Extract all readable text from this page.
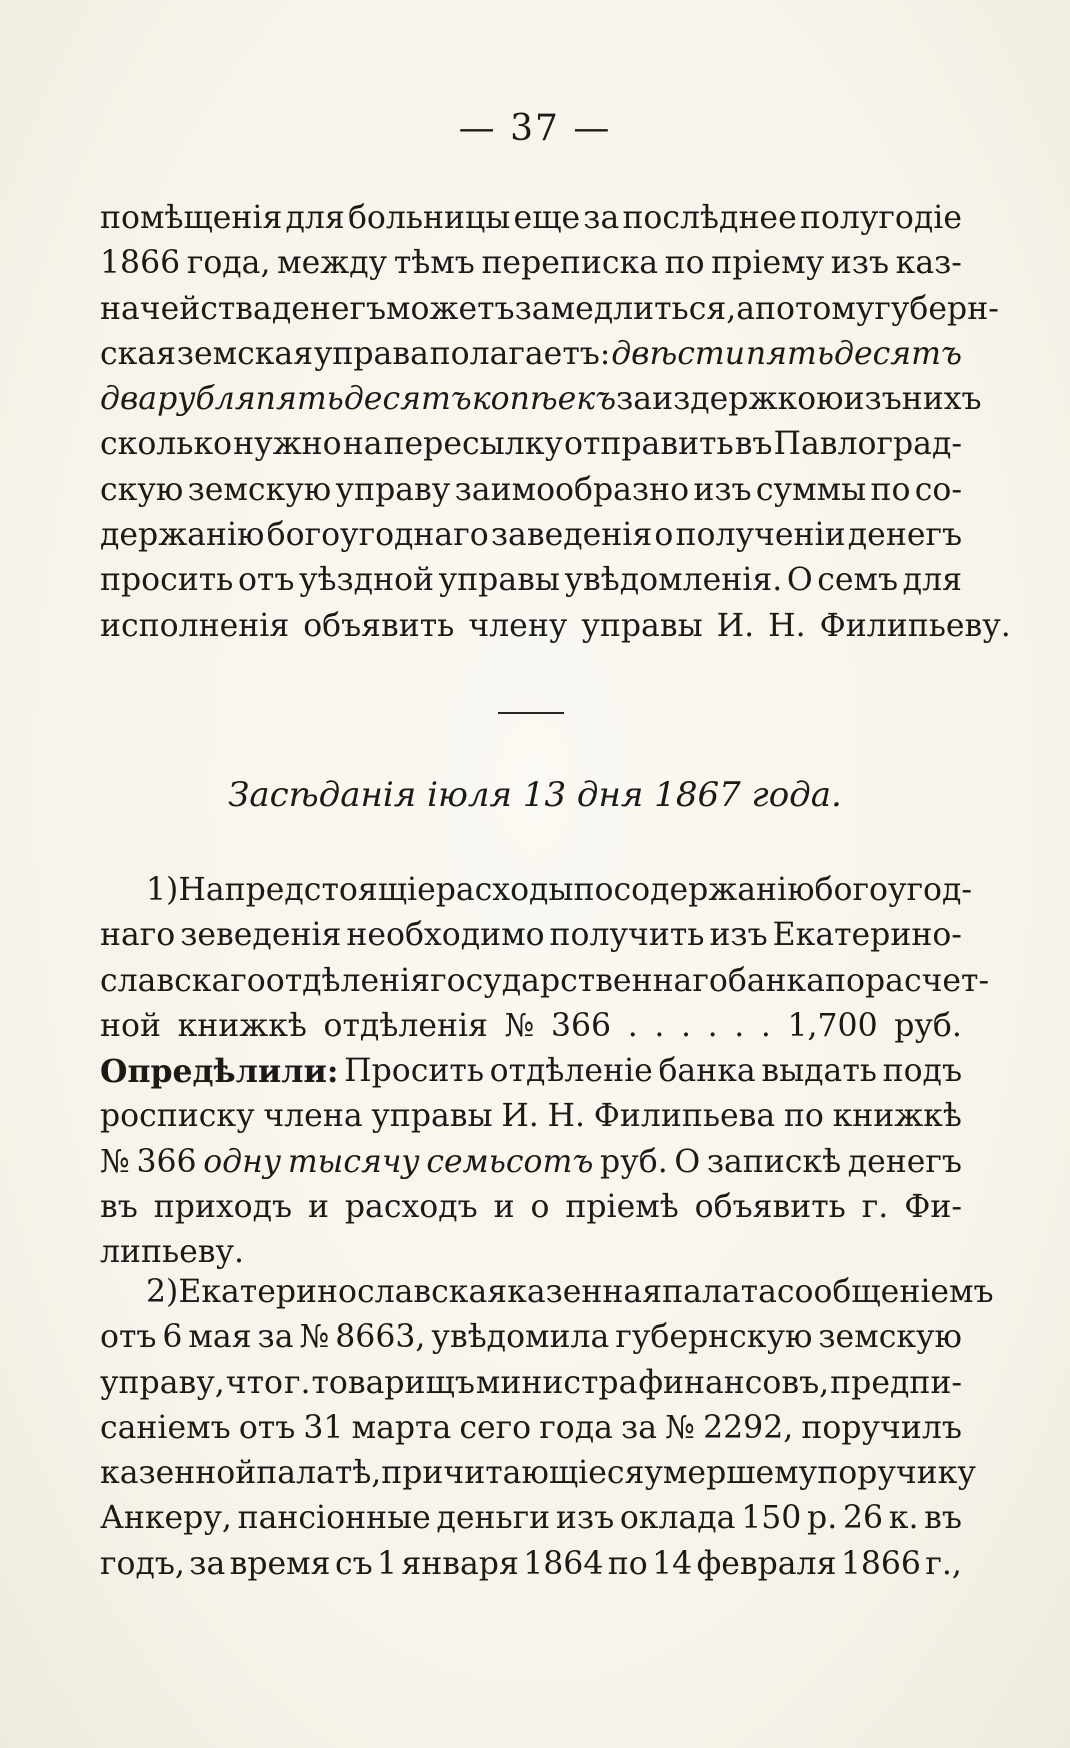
— 37 —
помѣщенія для больницы еще за послѣднее полугодіе
1866 года, между тѣмъ переписка по пріему изъ каз-
начейства денегъ можетъ замедлиться, а потому губерн-
ская земская управа полагаетъ: двѣсти пятьдесятъ
два рубля пятьдесятъ копѣекъ за издержкою изъ нихъ
сколько нужно на пересылку отправить въ Павлоград-
скую земскую управу заимообразно изъ суммы по со-
держанію богоугоднаго заведенія о полученіи денегъ
просить отъ уѣздной управы увѣдомленія. О семъ для
исполненія объявить члену управы И. Н. Филипьеву.
Засѣданія іюля 13 дня 1867 года.
1) На предстоящіе расходы по содержанію богоугод-
наго зеведенія необходимо получить изъ Екатерино-
славскаго отдѣленія государственнаго банка по расчет-
ной книжкѣ отдѣленія № 366 . . . . . . 1,700 руб.
Опредѣлили: Просить отдѣленіе банка выдать подъ
росписку члена управы И. Н. Филипьева по книжкѣ
№ 366 одну тысячу семьсотъ руб. О запискѣ денегъ
въ приходъ и расходъ и о пріемѣ объявить г. Фи-
липьеву.
2) Екатеринославская казенная палата сообщеніемъ
отъ 6 мая за № 8663, увѣдомила губернскую земскую
управу, что г. товарищъ министра финансовъ, предпи-
саніемъ отъ 31 марта сего года за № 2292, поручилъ
казенной палатѣ, причитающіеся умершему поручику
Анкеру, пансіонные деньги изъ оклада 150 р. 26 к. въ
годъ, за время съ 1 января 1864 по 14 февраля 1866 г.,
